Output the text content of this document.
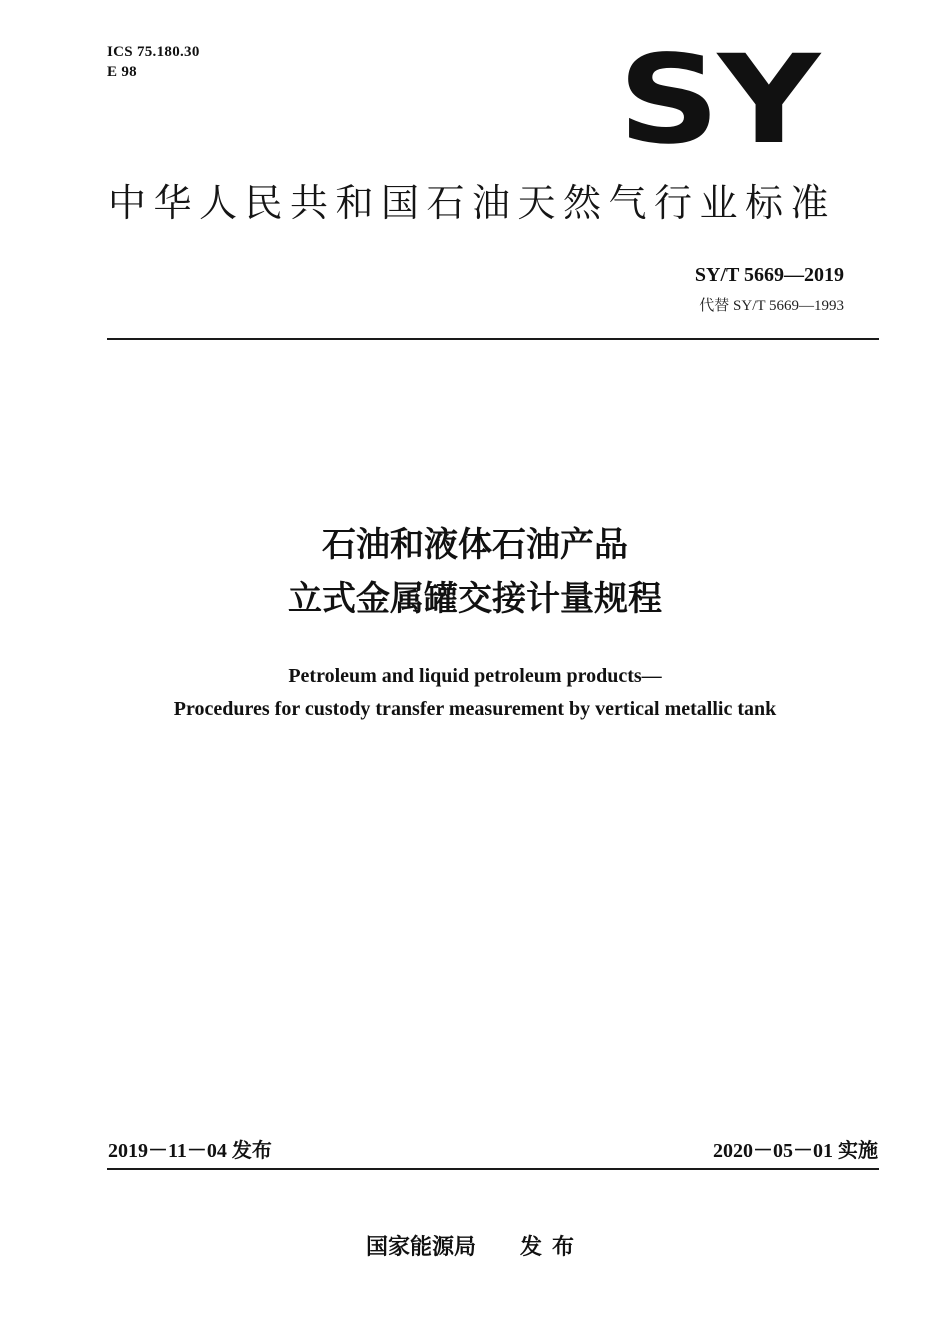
ICS 75.180.30
E 98	SY
中华人民共和国石油天然气行业标准
SY/T 5669—2019
代替 SY/T 5669—1993
石油和液体石油产品
立式金属罐交接计量规程
Petroleum and liquid petroleum products—
Procedures for custody transfer measurement by vertical metallic tank
2019－11－04 发布	2020－05－01 实施
国家能源局 发布
